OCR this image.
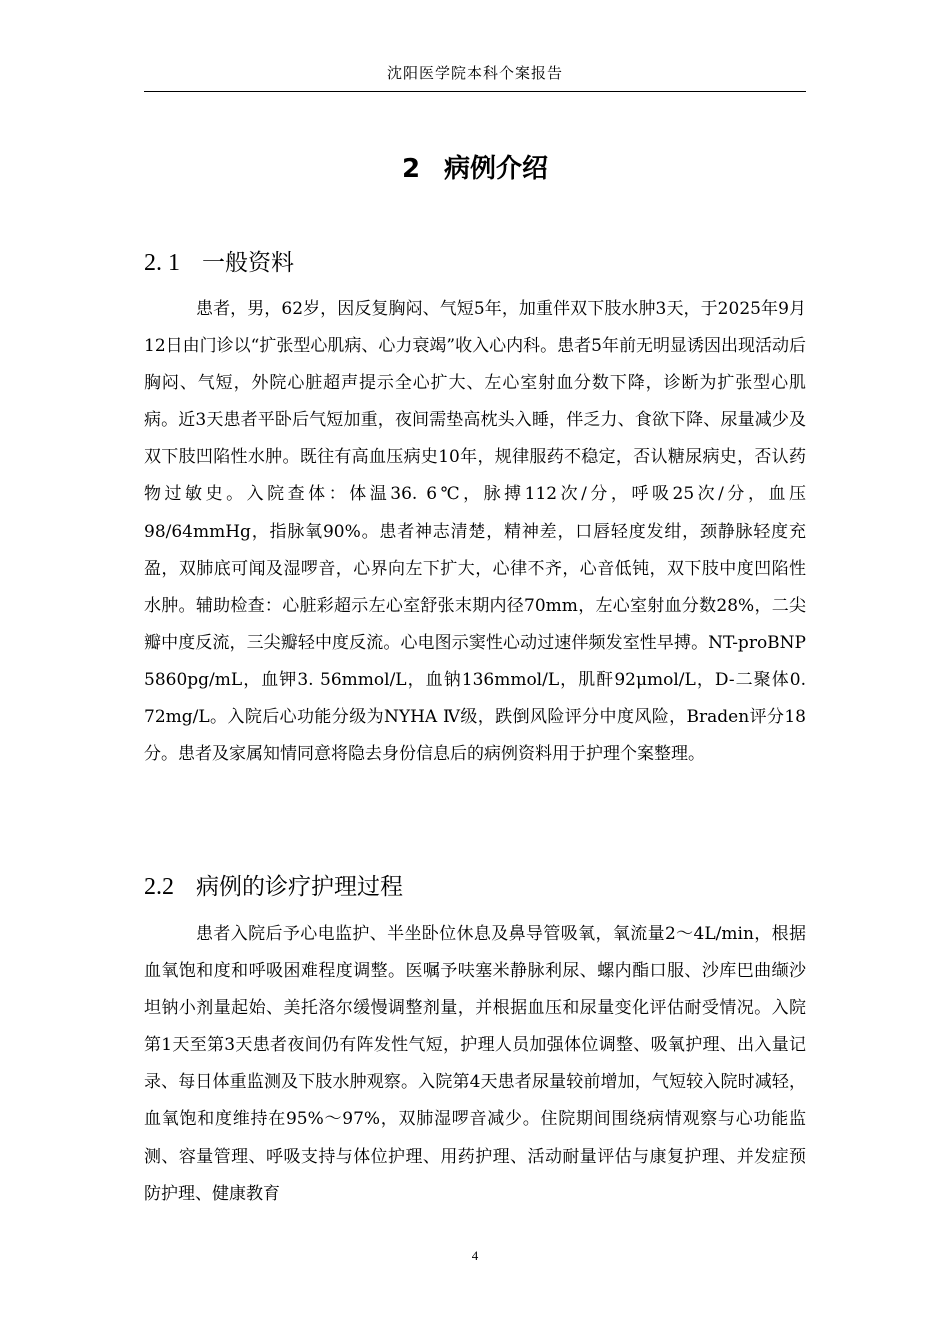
沈阳医学院本科个案报告
2 病例介绍
2. 1 一般资料

患者，男，62岁，因反复胸闷、气短5年，加重伴双下肢水肿3天，于2025年9月12日由门诊以“扩张型心肌病、心力衰竭”收入心内科。患者5年前无明显诱因出现活动后胸闷、气短，外院心脏超声提示全心扩大、左心室射血分数下降，诊断为扩张型心肌病。近3天患者平卧后气短加重，夜间需垫高枕头入睡，伴乏力、食欲下降、尿量减少及双下肢凹陷性水肿。既往有高血压病史10年，规律服药不稳定，否认糖尿病史，否认药物过敏史。入院查体：体温36. 6℃，脉搏112次/分，呼吸25次/分，血压98/64mmHg，指脉氧90%。患者神志清楚，精神差，口唇轻度发绀，颈静脉轻度充盈，双肺底可闻及湿啰音，心界向左下扩大，心律不齐，心音低钝，双下肢中度凹陷性水肿。辅助检查：心脏彩超示左心室舒张末期内径70mm，左心室射血分数28%，二尖瓣中度反流，三尖瓣轻中度反流。心电图示窦性心动过速伴频发室性早搏。NT-proBNP 5860pg/mL，血钾3. 56mmol/L，血钠136mmol/L，肌酐92μmol/L，D-二聚体0. 72mg/L。入院后心功能分级为NYHA Ⅳ级，跌倒风险评分中度风险，Braden评分18分。患者及家属知情同意将隐去身份信息后的病例资料用于护理个案整理。

2.2 病例的诊疗护理过程

患者入院后予心电监护、半坐卧位休息及鼻导管吸氧，氧流量2～4L/min，根据血氧饱和度和呼吸困难程度调整。医嘱予呋塞米静脉利尿、螺内酯口服、沙库巴曲缬沙坦钠小剂量起始、美托洛尔缓慢调整剂量，并根据血压和尿量变化评估耐受情况。入院第1天至第3天患者夜间仍有阵发性气短，护理人员加强体位调整、吸氧护理、出入量记录、每日体重监测及下肢水肿观察。入院第4天患者尿量较前增加，气短较入院时减轻，血氧饱和度维持在95%～97%，双肺湿啰音减少。住院期间围绕病情观察与心功能监测、容量管理、呼吸支持与体位护理、用药护理、活动耐量评估与康复护理、并发症预防护理、健康教育

4
